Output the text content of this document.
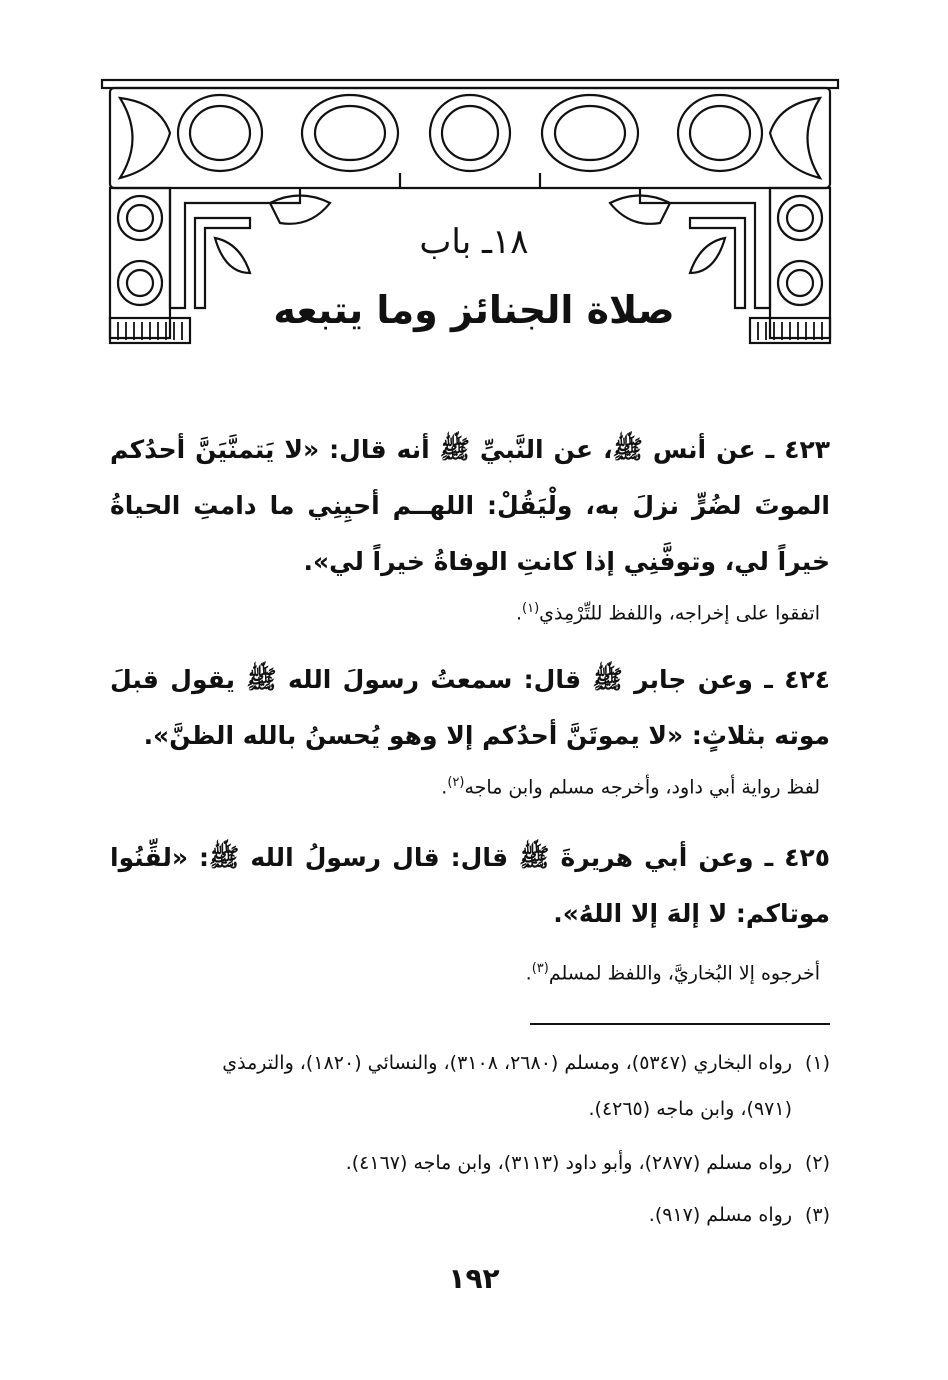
١٨ـ باب
صلاة الجنائز وما يتبعه
٤٢٣ ـ عن أنس ﷺ، عن النَّبيِّ ﷺ أنه قال: «لا يَتمنَّيَنَّ أحدُكم الموتَ لضُرٍّ نزلَ به، ولْيَقُلْ: اللهــم أحيِنِي ما دامتِ الحياةُ خيراً لي، وتوفَّنِي إذا كانتِ الوفاةُ خيراً لي».
اتفقوا على إخراجه، واللفظ للتِّرْمِذي$^{(١)}$.
٤٢٤ ـ وعن جابر ﷺ قال: سمعتُ رسولَ الله ﷺ يقول قبلَ موته بثلاثٍ: «لا يموتَنَّ أحدُكم إلا وهو يُحسنُ بالله الظنَّ».
لفظ رواية أبي داود، وأخرجه مسلم وابن ماجه$^{(٢)}$.
٤٢٥ ـ وعن أبي هريرةَ ﷺ قال: قال رسولُ الله ﷺ: «لقِّنُوا موتاكم: لا إلهَ إلا اللهُ».
أخرجوه إلا البُخاريَّ، واللفظ لمسلم$^{(٣)}$.
(١)رواه البخاري (٥٣٤٧)، ومسلم (٢٦٨٠، ٣١٠٨)، والنسائي (١٨٢٠)، والترمذي
(٩٧١)، وابن ماجه (٤٢٦٥).
(٢)رواه مسلم (٢٨٧٧)، وأبو داود (٣١١٣)، وابن ماجه (٤١٦٧).
(٣)رواه مسلم (٩١٧).
١٩٢
